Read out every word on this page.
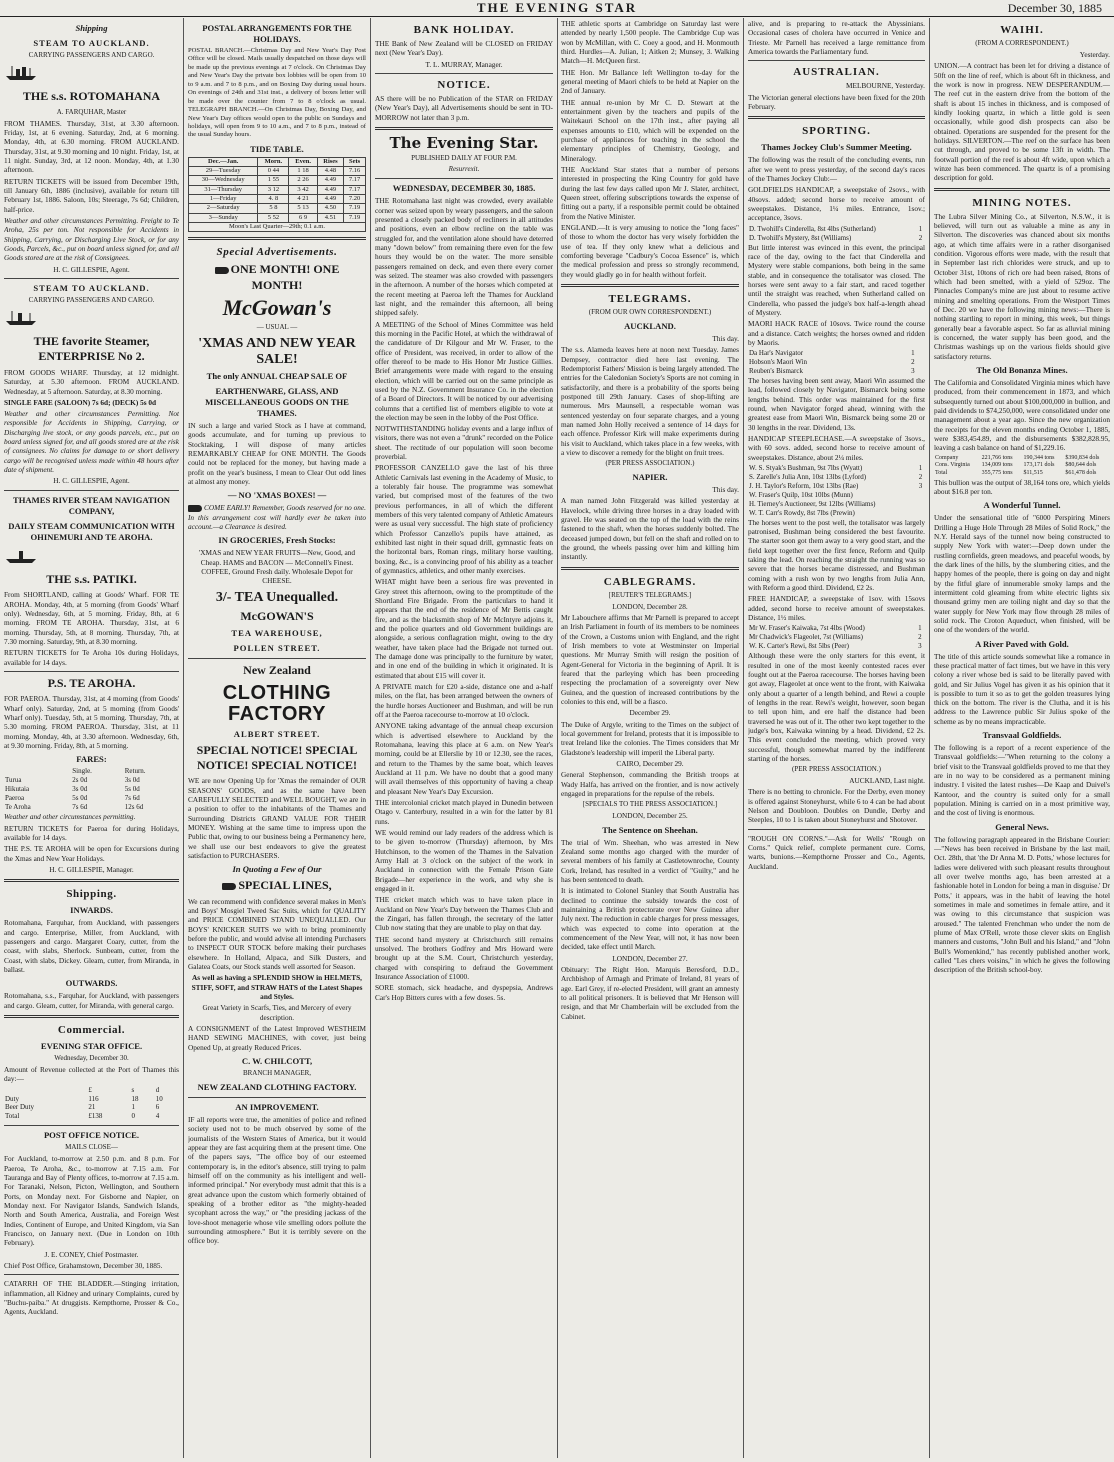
THE EVENING STAR	December 30, 1885
Shipping
STEAM TO AUCKLAND.
CARRYING PASSENGERS AND CARGO.
THE s.s. ROTOMAHANA
A. FARQUHAR, Master

FROM THAMES. Thursday, 31st, at 3.30 afternoon. Friday, 1st, at 6 evening. Saturday, 2nd, at 6 morning. Monday, 4th, at 6.30 morning. FROM AUCKLAND. Thursday, 31st, at 9.30 morning and 10 night. Friday, 1st, at 11 night. Sunday, 3rd, at 12 noon. Monday, 4th, at 1.30 afternoon.

RETURN TICKETS will be issued from December 19th, till January 6th, 1886 (inclusive), available for return till February 1st, 1886. Saloon, 10s; Steerage, 7s 6d; Children, half-price.

Weather and other circumstances Permitting. Freight to Te Aroha, 25s per ton. Not responsible for Accidents in Shipping, Carrying, or Discharging Live Stock, or for any Goods, Parcels, &c., put on board unless signed for, and all Goods stored are at the risk of Consignees.

H. C. GILLESPIE, Agent.

STEAM TO AUCKLAND.
CARRYING PASSENGERS AND CARGO.
THE favorite Steamer, ENTERPRISE No 2.

FROM GOODS WHARF. Thursday, at 12 midnight. Saturday, at 5.30 afternoon. FROM AUCKLAND. Wednesday, at 5 afternoon. Saturday, at 8.30 morning.

SINGLE FARE (SALOON) 7s 6d; (DECK) 5s 0d

Weather and other circumstances Permitting. Not responsible for Accidents in Shipping, Carrying, or Discharging live stock, or any goods parcels, etc., put on board unless signed for, and all goods stored are at the risk of consignees. No claims for damage to or short delivery cargo will be recognised unless made within 48 hours after date of shipment.

H. C. GILLESPIE, Agent.

THAMES RIVER STEAM NAVIGATION COMPANY,
DAILY STEAM COMMUNICATION WITH OHINEMURI AND TE AROHA.
THE s.s. PATIKI.

From SHORTLAND, calling at Goods' Wharf. FOR TE AROHA. Monday, 4th, at 5 morning (from Goods' Wharf only). Wednesday, 6th, at 5 morning. Friday, 8th, at 6 morning. FROM TE AROHA. Thursday, 31st, at 6 morning. Thursday, 5th, at 8 morning. Thursday, 7th, at 7.30 morning. Saturday, 9th, at 8.30 morning.

RETURN TICKETS for Te Aroha 10s during Holidays, available for 14 days.

P.S. TE AROHA.

FOR PAEROA. Thursday, 31st, at 4 morning (from Goods' Wharf only). Saturday, 2nd, at 5 morning (from Goods' Wharf only). Tuesday, 5th, at 5 morning. Thursday, 7th, at 5.30 morning. FROM PAEROA. Thursday, 31st, at 11 morning. Monday, 4th, at 3.30 afternoon. Wednesday, 6th, at 9.30 morning. Friday, 8th, at 5 morning.

FARES:
	Single.	Return.
Turua	2s 0d	3s 0d
Hikutaia	3s 0d	5s 0d
Paeroa	5s 0d	7s 6d
Te Aroha	7s 6d	12s 6d

Weather and other circumstances permitting.

RETURN TICKETS for Paeroa for during Holidays, available for 14 days.

THE P.S. TE AROHA will be open for Excursions during the Xmas and New Year Holidays.

H. C. GILLESPIE, Manager.

Shipping.
INWARDS.

Rotomahana, Farquhar, from Auckland, with passengers and cargo. Enterprise, Miller, from Auckland, with passengers and cargo. Margaret Coary, cutter, from the coast, with slabs, Sherlock. Sunbeam, cutter, from the Coast, with slabs, Dickey. Gleam, cutter, from Miranda, in ballast.

OUTWARDS.

Rotomahana, s.s., Farquhar, for Auckland, with passengers and cargo. Gleam, cutter, for Miranda, with general cargo.

Commercial.
EVENING STAR OFFICE.
Wednesday, December 30.

Amount of Revenue collected at the Port of Thames this day:—

	£	s	d
Duty	116	18	10
Beer Duty	21	1	6
Total	£138	0	4
POST OFFICE NOTICE.
MAILS CLOSE—

For Auckland, to-morrow at 2.50 p.m. and 8 p.m. For Paeroa, Te Aroha, &c., to-morrow at 7.15 a.m. For Tauranga and Bay of Plenty offices, to-morrow at 7.15 a.m. For Taranaki, Nelson, Picton, Wellington, and Southern Ports, on Monday next. For Gisborne and Napier, on Monday next. For Navigator Islands, Sandwich Islands, North and South America, Australia, and Foreign West Indies, Continent of Europe, and United Kingdom, via San Francisco, on January next. (Due in London on 10th February).

J. E. CONEY, Chief Postmaster.

Chief Post Office, Grahamstown, December 30, 1885.

CATARRH OF THE BLADDER.—Stinging irritation, inflammation, all Kidney and urinary Complaints, cured by "Buchu-paiba." At druggists. Kempthorne, Prosser & Co., Agents, Auckland.

POSTAL ARRANGEMENTS FOR THE HOLIDAYS.

POSTAL BRANCH.—Christmas Day and New Year's Day Post Office will be closed. Mails usually despatched on those days will be made up the previous evenings at 7 o'clock. On Christmas Day and New Year's Day the private box lobbies will be open from 10 to 9 a.m. and 7 to 8 p.m., and on Boxing Day during usual hours. On evenings of 24th and 31st inst., a delivery of boxes letter will be made over the counter from 7 to 8 o'clock as usual. TELEGRAPH BRANCH.—On Christmas Day, Boxing Day, and New Year's Day offices would open to the public on Sundays and holidays, will open from 9 to 10 a.m., and 7 to 8 p.m., instead of the usual Sunday hours.

TIDE TABLE.
Dec.—Jan.	Morn.	Even.	Rises	Sets
29—Tuesday	0 44	1 18	4.48	7.16
30—Wednesday	1 55	2 26	4.49	7.17
31—Thursday	3 12	3 42	4.49	7.17
1—Friday	4. 8	4 21	4.49	7.20
2—Saturday	5 8	5 13	4.50	7.19
3—Sunday	5 52	6 9	4.51	7.19
Moon's Last Quarter—29th; 0.1 a.m.				
Special Advertisements.
ONE MONTH! ONE MONTH!
McGowan's
— USUAL —
'XMAS AND NEW YEAR SALE!
The only ANNUAL CHEAP SALE OF
EARTHENWARE, GLASS, AND MISCELLANEOUS GOODS ON THE THAMES.

IN such a large and varied Stock as I have at command, goods accumulate, and for turning up previous to Stocktaking, I will dispose of many articles REMARKABLY CHEAP for ONE MONTH. The Goods could not be replaced for the money, but having made a profit on the year's business, I mean to Clear Out odd lines at almost any money.

— NO 'XMAS BOXES! —

COME EARLY! Remember, Goods reserved for no one. In this arrangement cost will hardly ever be taken into account.—a Clearance is desired.

IN GROCERIES, Fresh Stocks:

'XMAS and NEW YEAR FRUITS—New, Good, and Cheap. HAMS and BACON — McConnell's Finest. COFFEE, Ground Fresh daily. Wholesale Depot for CHEESE.

3/- TEA Unequalled.
McGOWAN'S
TEA WAREHOUSE,
POLLEN STREET.
New Zealand
CLOTHING FACTORY
ALBERT STREET.
SPECIAL NOTICE! SPECIAL NOTICE! SPECIAL NOTICE!

WE are now Opening Up for 'Xmas the remainder of OUR SEASONS' GOODS, and as the same have been CAREFULLY SELECTED and WELL BOUGHT, we are in a position to offer to the inhabitants of the Thames and Surrounding Districts GRAND VALUE FOR THEIR MONEY. Wishing at the same time to impress upon the Public that, owing to our business being a Permanency here, we shall use our best endeavors to give the greatest satisfaction to PURCHASERS.

In Quoting a Few of Our
SPECIAL LINES,

We can recommend with confidence several makes in Men's and Boys' Mosgiel Tweed Sac Suits, which for QUALITY and PRICE COMBINED STAND UNEQUALLED. Our BOYS' KNICKER SUITS we with to bring prominently before the public, and would advise all intending Purchasers to INSPECT OUR STOCK before making their purchases elsewhere. In Holland, Alpaca, and Silk Dusters, and Galatea Coats, our Stock stands well assorted for Season.

As well as having a SPLENDID SHOW in HELMETS, STIFF, SOFT, and STRAW HATS of the Latest Shapes and Styles.

Great Variety in Scarfs, Ties, and Mercery of every description.

A CONSIGNMENT of the Latest Improved WESTHEIM HAND SEWING MACHINES, with cover, just being Opened Up, at greatly Reduced Prices.

C. W. CHILCOTT,
BRANCH MANAGER,
NEW ZEALAND CLOTHING FACTORY.
AN IMPROVEMENT.

IF all reports were true, the amenities of police and refined society used not to be much observed by some of the journalists of the Western States of America, but it would appear they are fast acquiring them at the present time. One of the papers says, "The office boy of our esteemed contemporary is, in the editor's absence, still trying to palm himself off on the community as his intelligent and well-informed principal." Nor everybody must admit that this is a great advance upon the custom which formerly obtained of speaking of a brother editor as "the mighty-headed sycophant across the way," or "the presiding jackass of the love-shoot menagerie whose vile smelling odors pollute the surrounding atmosphere." But it is terribly severe on the office boy.

BANK HOLIDAY.

THE Bank of New Zealand will be CLOSED on FRIDAY next (New Year's Day).

T. L. MURRAY, Manager.

NOTICE.

AS there will be no Publication of the STAR on FRIDAY (New Year's Day), all Advertisements should be sent in TO-MORROW not later than 3 p.m.

The Evening Star.
PUBLISHED DAILY AT FOUR P.M.
Resurrexit.
WEDNESDAY, DECEMBER 30, 1885.

THE Rotomahana last night was crowded, every available corner was seized upon by weary passengers, and the saloon presented a closely packed body of recliners in all attitudes and positions, even an elbow recline on the table was struggled for, and the ventilation alone should have deterred many "down below" from remaining there even for the few hours they would be on the water. The more sensible passengers remained on deck, and even there every corner was seized. The steamer was also crowded with passengers in the afternoon. A number of the horses which competed at the recent meeting at Paeroa left the Thames for Auckland last night, and the remainder this afternoon, all being shipped safely.

A MEETING of the School of Mines Committee was held this morning in the Pacific Hotel, at which the withdrawal of the candidature of Dr Kilgour and Mr W. Fraser, to the office of President, was received, in order to allow of the offer thereof to be made to His Honor Mr Justice Gillies. Brief arrangements were made with regard to the ensuing election, which will be carried out on the same principle as used by the N.Z. Government Insurance Co. in the election of a Board of Directors. It will be noticed by our advertising columns that a certified list of members eligible to vote at the election may be seen in the lobby of the Post Office.

NOTWITHSTANDING holiday events and a large influx of visitors, there was not even a "drunk" recorded on the Police sheet. The rectitude of our population will soon become proverbial.

PROFESSOR CANZELLO gave the last of his three Athletic Carnivals last evening in the Academy of Music, to a tolerably fair house. The programme was somewhat varied, but comprised most of the features of the two previous performances, in all of which the different members of this very talented company of Athletic Amateurs were as usual very successful. The high state of proficiency which Professor Canzello's pupils have attained, as exhibited last night in their squad drill, gymnastic feats on the horizontal bars, Roman rings, military horse vaulting, boxing, &c., is a convincing proof of his ability as a teacher of gymnastics, athletics, and other manly exercises.

WHAT might have been a serious fire was prevented in Grey street this afternoon, owing to the promptitude of the Shortland Fire Brigade. From the particulars to hand it appears that the end of the residence of Mr Bettis caught fire, and as the blacksmith shop of Mr McIntyre adjoins it, and the police quarters and old Government buildings are alongside, a serious conflagration might, owing to the dry weather, have taken place had the Brigade not turned out. The damage done was principally to the furniture by water, and in one end of the building in which it originated. It is estimated that about £15 will cover it.

A PRIVATE match for £20 a-side, distance one and a-half miles, on the flat, has been arranged between the owners of the hurdle horses Auctioneer and Bushman, and will be run off at the Paeroa racecourse to-morrow at 10 o'clock.

ANYONE taking advantage of the annual cheap excursion which is advertised elsewhere to Auckland by the Rotomahana, leaving this place at 6 a.m. on New Year's morning, could be at Ellerslie by 10 or 12.30, see the races, and return to the Thames by the same boat, which leaves Auckland at 11 p.m. We have no doubt that a good many will avail themselves of this opportunity of having a cheap and pleasant New Year's Day Excursion.

THE intercolonial cricket match played in Dunedin between Otago v. Canterbury, resulted in a win for the latter by 81 runs.

WE would remind our lady readers of the address which is to be given to-morrow (Thursday) afternoon, by Mrs Hutchinson, to the women of the Thames in the Salvation Army Hall at 3 o'clock on the subject of the work in Auckland in connection with the Female Prison Gate Brigade—her experience in the work, and why she is engaged in it.

THE cricket match which was to have taken place in Auckland on New Year's Day between the Thames Club and the Zingari, has fallen through, the secretary of the latter Club now stating that they are unable to play on that day.

THE second hand mystery at Christchurch still remains unsolved. The brothers Godfrey and Mrs Howard were brought up at the S.M. Court, Christchurch yesterday, charged with conspiring to defraud the Government Insurance Association of £1000.

SORE stomach, sick headache, and dyspepsia, Andrews Car's Hop Bitters cures with a few doses. 5s.

THE athletic sports at Cambridge on Saturday last were attended by nearly 1,500 people. The Cambridge Cup was won by McMillan, with C. Coey a good, and H. Monmouth third. Hurdles—A. Julian, 1; Aitken 2; Munsey, 3. Walking Match—H. McQueen first.

THE Hon. Mr Ballance left Wellington to-day for the general meeting of Maori chiefs to be held at Napier on the 2nd of January.

THE annual re-union by Mr C. D. Stewart at the entertainment given by the teachers and pupils of the Waitekauri School on the 17th inst., after paying all expenses amounts to £10, which will be expended on the purchase of appliances for teaching in the school the elementary principles of Chemistry, Geology, and Mineralogy.

THE Auckland Star states that a number of persons interested in prospecting the King Country for gold have during the last few days called upon Mr J. Slater, architect, Queen street, offering subscriptions towards the expense of fitting out a party, if a responsible permit could be obtained from the Native Minister.

ENGLAND.—It is very amusing to notice the "long faces" of those to whom the doctor has very wisely forbidden the use of tea. If they only knew what a delicious and comforting beverage "Cadbury's Cocoa Essence" is, which the medical profession and press so strongly recommend, they would gladly go in for health without forfeit.

TELEGRAMS.
(FROM OUR OWN CORRESPONDENT.)
AUCKLAND.

This day.

The s.s. Alameda leaves here at noon next Tuesday. James Dempsey, contractor died here last evening. The Redemptorist Fathers' Mission is being largely attended. The entries for the Caledonian Society's Sports are not coming in satisfactorily, and there is a probability of the sports being postponed till 29th January. Cases of shop-lifting are numerous. Mrs Maunsell, a respectable woman was sentenced yesterday on four separate charges, and a young man named John Holly received a sentence of 14 days for each offence. Professor Kirk will make experiments during his visit to Auckland, which takes place in a few weeks, with a view to discover a remedy for the blight on fruit trees.

(PER PRESS ASSOCIATION.)
NAPIER.

This day.

A man named John Fitzgerald was killed yesterday at Havelock, while driving three horses in a dray loaded with gravel. He was seated on the top of the load with the reins fastened to the shaft, when the horses suddenly bolted. The deceased jumped down, but fell on the shaft and rolled on to the ground, the wheels passing over him and killing him instantly.

CABLEGRAMS.
[REUTER'S TELEGRAMS.]

LONDON, December 28.

Mr Labouchere affirms that Mr Parnell is prepared to accept an Irish Parliament in fourth of its members to be nominees of the Crown, a Customs union with England, and the right of Irish members to vote at Westminster on Imperial questions. Mr Murray Smith will resign the position of Agent-General for Victoria in the beginning of April. It is feared that the parleying which has been proceeding respecting the proclamation of a sovereignty over New Guinea, and the question of increased contributions by the colonies to this end, will be a fiasco.

December 29.

The Duke of Argyle, writing to the Times on the subject of local government for Ireland, protests that it is impossible to treat Ireland like the colonies. The Times considers that Mr Gladstone's leadership will imperil the Liberal party.

CAIRO, December 29.

General Stephenson, commanding the British troops at Wady Halfa, has arrived on the frontier, and is now actively engaged in preparations for the repulse of the rebels.

[SPECIALS TO THE PRESS ASSOCIATION.]

LONDON, December 25.

The Sentence on Sheehan.

The trial of Wm. Sheehan, who was arrested in New Zealand some months ago charged with the murder of several members of his family at Castletownroche, County Cork, Ireland, has resulted in a verdict of "Guilty," and he has been sentenced to death.

It is intimated to Colonel Stanley that South Australia has declined to continue the subsidy towards the cost of maintaining a British protectorate over New Guinea after July next. The reduction in cable charges for press messages, which was expected to come into operation at the commencement of the New Year, will not, it has now been decided, take effect until March.

LONDON, December 27.

Obituary: The Right Hon. Marquis Beresford, D.D., Archbishop of Armagh and Primate of Ireland, 81 years of age. Earl Grey, if re-elected President, will grant an amnesty to all political prisoners. It is believed that Mr Henson will resign, and that Mr Chamberlain will be excluded from the Cabinet.

alive, and is preparing to re-attack the Abyssinians. Occasional cases of cholera have occurred in Venice and Trieste. Mr Parnell has received a large remittance from America towards the Parliamentary fund.

AUSTRALIAN.

MELBOURNE, Yesterday.

The Victorian general elections have been fixed for the 20th February.

SPORTING.
Thames Jockey Club's Summer Meeting.

The following was the result of the concluding events, run after we went to press yesterday, of the second day's races of the Thames Jockey Club:—

GOLDFIELDS HANDICAP, a sweepstake of 2sovs., with 40sovs. added; second horse to receive amount of sweepstakes. Distance, 1¼ miles. Entrance, 1sov.; acceptance, 3sovs.

D. Twohill's Cinderella, 8st 4lbs (Sutherland)	1
D. Twohill's Mystery, 8st (Williams)	2

But little interest was evinced in this event, the principal race of the day, owing to the fact that Cinderella and Mystery were stable companions, both being in the same stable, and in consequence the totalisator was closed. The horses were sent away to a fair start, and raced together until the straight was reached, when Sutherland called on Cinderella, who passed the judge's box half-a-length ahead of Mystery.

MAORI HACK RACE of 10sovs. Twice round the course and a distance. Catch weights; the horses owned and ridden by Maoris.

Da Har's Navigator	1
Hobson's Maori Win	2
Reuben's Bismarck	3

The horses having been sent away, Maori Win assumed the lead, followed closely by Navigator, Bismarck being some lengths behind. This order was maintained for the first round, when Navigator forged ahead, winning with the greatest ease from Maori Win, Bismarck being some 20 or 30 lengths in the rear. Dividend, 13s.

HANDICAP STEEPLECHASE.—A sweepstake of 3sovs., with 60 sovs. added, second horse to receive amount of sweepstakes. Distance, about 2¼ miles.

W. S. Styak's Bushman, 9st 7lbs (Wyatt)	1
S. Zarelle's Julia Ann, 10st 13lbs (Lyford)	2
J. H. Taylor's Reform, 10st 13lbs (Rae)	3
W. Fraser's Quilp, 10st 10lbs (Munn)	
H. Tierney's Auctioneer, 9st 12lbs (Williams)	
W. T. Carr's Rowdy, 8st 7lbs (Prewin)	

The horses went to the post well, the totalisator was largely patronised, Bushman being considered the best favourite. The starter soon got them away to a very good start, and the field kept together over the first fence, Reform and Quilp taking the lead. On reaching the straight the running was so severe that the horses became distressed, and Bushman coming with a rush won by two lengths from Julia Ann, with Reform a good third. Dividend, £2 2s.

FREE HANDICAP, a sweepstake of 1sov. with 15sovs added, second horse to receive amount of sweepstakes. Distance, 1½ miles.

Mr W. Fraser's Kaiwaka, 7st 4lbs (Wood)	1
Mr Chadwick's Flageolet, 7st (Williams)	2
W. K. Carter's Rewi, 8st 5lbs (Peer)	3

Although these were the only starters for this event, it resulted in one of the most keenly contested races ever fought out at the Paeroa racecourse. The horses having been got away, Flageolet at once went to the front, with Kaiwaka only about a quarter of a length behind, and Rewi a couple of lengths in the rear. Rewi's weight, however, soon began to tell upon him, and ere half the distance had been traversed he was out of it. The other two kept together to the judge's box, Kaiwaka winning by a head. Dividend, £2 2s. This event concluded the meeting, which proved very successful, though somewhat marred by the indifferent starting of the horses.

(PER PRESS ASSOCIATION.)

AUCKLAND, Last night.

There is no betting to chronicle. For the Derby, even money is offered against Stoneyhurst, while 6 to 4 can be had about Nelson and Doubloon. Doubles on Dundle, Derby and Steeples, 10 to 1 is taken about Stoneyhurst and Shotover.

"ROUGH ON CORNS."—Ask for Wells' "Rough on Corns." Quick relief, complete permanent cure. Corns, warts, bunions.—Kempthorne Prosser and Co., Agents, Auckland.

WAIHI.
(FROM A CORRESPONDENT.)

Yesterday.

UNION.—A contract has been let for driving a distance of 50ft on the line of reef, which is about 6ft in thickness, and the work is now in progress. NEW DESPERANDUM.—The reef cut in the eastern drive from the bottom of the shaft is about 15 inches in thickness, and is composed of kindly looking quartz, in which a little gold is seen occasionally, while good dish prospects can also be obtained. Operations are suspended for the present for the holidays. SILVERTON.—The reef on the surface has been cut through, and proved to be some 13ft in width. The footwall portion of the reef is about 4ft wide, upon which a winze has been commenced. The quartz is of a promising description for gold.

MINING NOTES.

The Lubra Silver Mining Co., at Silverton, N.S.W., it is believed, will turn out as valuable a mine as any in Silverton. The discoveries was chanced about six months ago, at which time affairs were in a rather disorganised condition. Vigorous efforts were made, with the result that in September last rich chlorides were struck, and up to October 31st, 10tons of rich ore had been raised, 8tons of which had been smelted, with a yield of 529oz. The Pinnacles Company's mine are just about to resume active mining and smelting operations. From the Westport Times of Dec. 20 we have the following mining news:—There is nothing startling to report in mining, this week, but things generally bear a favorable aspect. So far as alluvial mining is concerned, the water supply has been good, and the Christmas washings up on the various fields should give satisfactory returns.

The Old Bonanza Mines.

The California and Consolidated Virginia mines which have produced, from their commencement in 1873, and which subsequently turned out about $100,000,000 in bullion, and paid dividends to $74,250,000, were consolidated under one management about a year ago. Since the new organization the receipts for the eleven months ending October 1, 1885, were $383,454.89, and the disbursements $382,828.95, leaving a cash balance on hand of $1,229.16.

Company	221,766 tons	190,344 tons	$390,834 dols
Cons. Virginia	134,009 tons	173,171 dols	$80,644 dols
Total	355,775 tons	$11,515	$61,478 dols

This bullion was the output of 38,164 tons ore, which yields about $16.8 per ton.

A Wonderful Tunnel.

Under the sensational title of "6000 Perspiring Miners Drilling a Huge Hole Through 28 Miles of Solid Rock," the N.Y. Herald says of the tunnel now being constructed to supply New York with water:—Deep down under the rustling cornfields, green meadows, and peaceful woods, by the dark lines of the hills, by the slumbering cities, and the happy homes of the people, there is going on day and night by the fitful glare of innumerable smoky lamps and the intermittent cold gleaming from white electric lights six thousand grimy men are toiling night and day so that the water supply for New York may flow through 28 miles of solid rock. The Croton Aqueduct, when finished, will be one of the wonders of the world.

A River Paved with Gold.

The title of this article sounds somewhat like a romance in these practical matter of fact times, but we have in this very colony a river whose bed is said to be literally paved with gold, and Sir Julius Vogel has given it as his opinion that it is possible to turn it so as to get the golden treasures lying thick on the bottom. The river is the Clutha, and it is his address to the Lawrence public Sir Julius spoke of the scheme as by no means impracticable.

Transvaal Goldfields.

The following is a report of a recent experience of the Transvaal goldfields:—"When returning to the colony a brief visit to the Transvaal goldfields proved to me that they are in no way to be considered as a permanent mining industry. I visited the latest rushes—De Kaap and Duivel's Kantoor, and the country is suited only for a small population. Mining is carried on in a most primitive way, and the cost of living is enormous.

General News.

The following paragraph appeared in the Brisbane Courier:—"News has been received in Brisbane by the last mail, Oct. 28th, that 'the Dr Anna M. D. Potts,' whose lectures for ladies were delivered with such pleasant results throughout all over twelve months ago, has been arrested at a fashionable hotel in London for being a man in disguise.' Dr Potts,' it appears, was in the habit of leaving the hotel sometimes in male and sometimes in female attire, and it was owing to this circumstance that suspicion was aroused." The talented Frenchman who under the nom de plume of Max O'Rell, wrote those clever skits on English manners and customs, "John Bull and his Island," and "John Bull's Womenkind," has recently published another work, called "Les chers voisins," in which he gives the following description of the British school-boy.
